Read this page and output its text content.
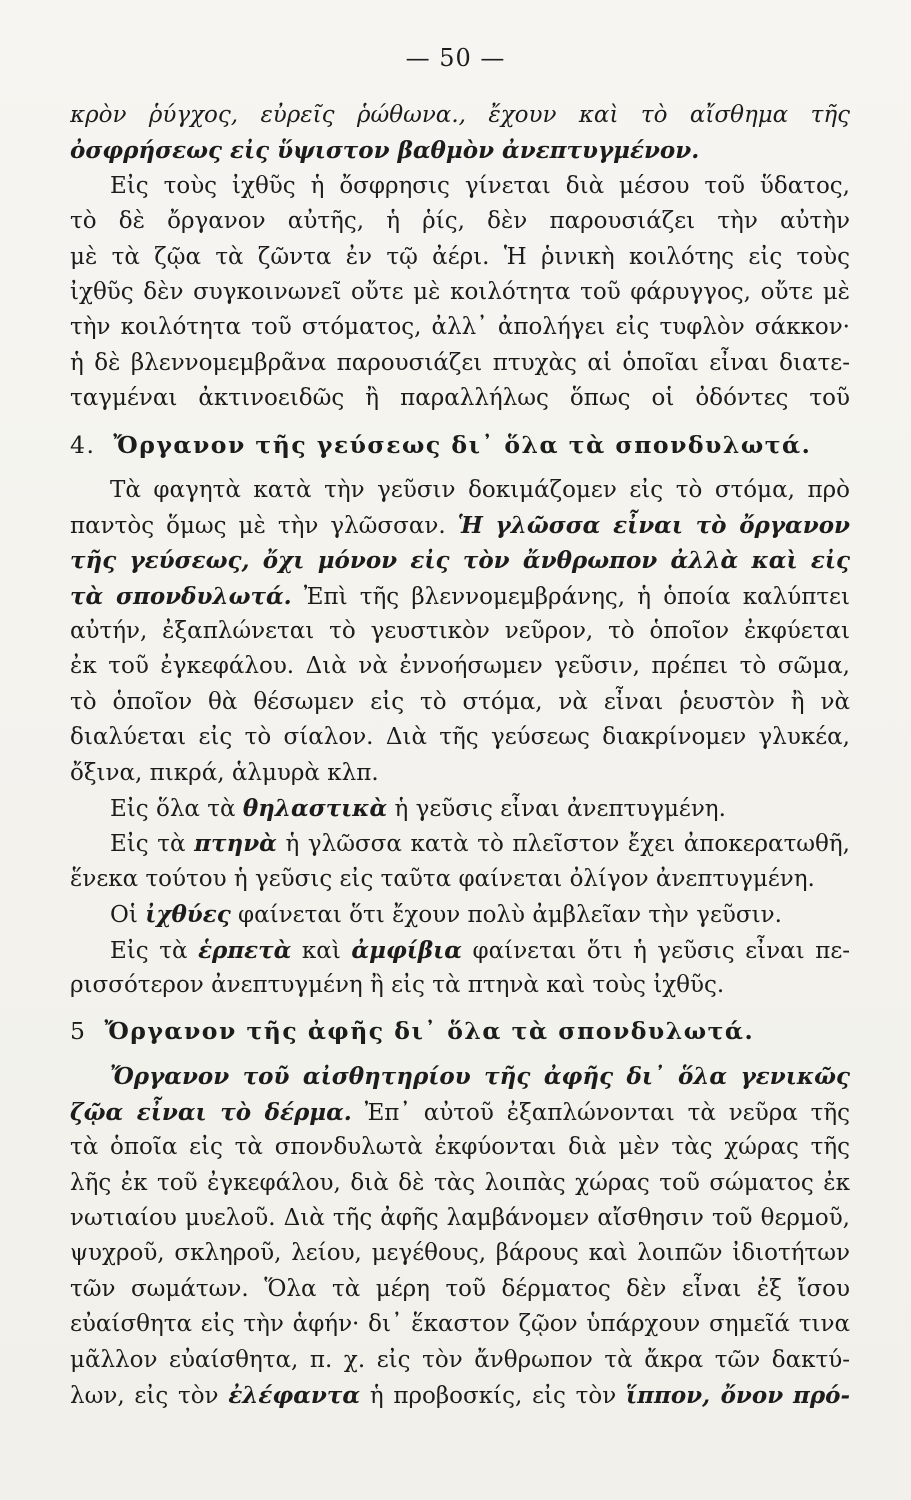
— 50 —
κρὸν ῥύγχος, εὐρεῖς ῥώθωνα., ἔχουν καὶ τὸ αἴσθημα τῆς
ὀσφρήσεως εἰς ὕψιστον βαθμὸν ἀνεπτυγμένον.
Εἰς τοὺς ἰχθῦς ἡ ὄσφρησις γίνεται διὰ μέσου τοῦ ὕδατος,
τὸ δὲ ὄργανον αὐτῆς, ἡ ῥίς, δὲν παρουσιάζει τὴν αὐτὴν
μὲ τὰ ζῷα τὰ ζῶντα ἐν τῷ ἀέρι. Ἡ ῥινικὴ κοιλότης εἰς τοὺς
ἰχθῦς δὲν συγκοινωνεῖ οὔτε μὲ κοιλότητα τοῦ φάρυγγος, οὔτε μὲ
τὴν κοιλότητα τοῦ στόματος, ἀλλ᾽ ἀπολήγει εἰς τυφλὸν σάκκον·
ἡ δὲ βλεννομεμβρᾶνα παρουσιάζει πτυχὰς αἱ ὁποῖαι εἶναι διατε-
ταγμέναι ἀκτινοειδῶς ἢ παραλλήλως ὅπως οἱ ὀδόντες τοῦ
4. Ὄργανον τῆς γεύσεως δι᾽ ὅλα τὰ σπονδυλωτά.
Τὰ φαγητὰ κατὰ τὴν γεῦσιν δοκιμάζομεν εἰς τὸ στόμα, πρὸ
παντὸς ὅμως μὲ τὴν γλῶσσαν. Ἡ γλῶσσα εἶναι τὸ ὄργανον
τῆς γεύσεως, ὄχι μόνον εἰς τὸν ἄνθρωπον ἀλλὰ καὶ εἰς
τὰ σπονδυλωτά. Ἐπὶ τῆς βλεννομεμβράνης, ἡ ὁποία καλύπτει
αὐτήν, ἐξαπλώνεται τὸ γευστικὸν νεῦρον, τὸ ὁποῖον ἐκφύεται
ἐκ τοῦ ἐγκεφάλου. Διὰ νὰ ἐννοήσωμεν γεῦσιν, πρέπει τὸ σῶμα,
τὸ ὁποῖον θὰ θέσωμεν εἰς τὸ στόμα, νὰ εἶναι ῥευστὸν ἢ νὰ
διαλύεται εἰς τὸ σίαλον. Διὰ τῆς γεύσεως διακρίνομεν γλυκέα,
ὄξινα, πικρά, ἁλμυρὰ κλπ.
Εἰς ὅλα τὰ θηλαστικὰ ἡ γεῦσις εἶναι ἀνεπτυγμένη.
Εἰς τὰ πτηνὰ ἡ γλῶσσα κατὰ τὸ πλεῖστον ἔχει ἀποκερατωθῆ,
ἕνεκα τούτου ἡ γεῦσις εἰς ταῦτα φαίνεται ὀλίγον ἀνεπτυγμένη.
Οἱ ἰχθύες φαίνεται ὅτι ἔχουν πολὺ ἀμβλεῖαν τὴν γεῦσιν.
Εἰς τὰ ἑρπετὰ καὶ ἀμφίβια φαίνεται ὅτι ἡ γεῦσις εἶναι πε-
ρισσότερον ἀνεπτυγμένη ἢ εἰς τὰ πτηνὰ καὶ τοὺς ἰχθῦς.
5 Ὄργανον τῆς ἀφῆς δι᾽ ὅλα τὰ σπονδυλωτά.
Ὄργανον τοῦ αἰσθητηρίου τῆς ἀφῆς δι᾽ ὅλα γενικῶς
ζῷα εἶναι τὸ δέρμα. Ἐπ᾽ αὐτοῦ ἐξαπλώνονται τὰ νεῦρα τῆς
τὰ ὁποῖα εἰς τὰ σπονδυλωτὰ ἐκφύονται διὰ μὲν τὰς χώρας τῆς
λῆς ἐκ τοῦ ἐγκεφάλου, διὰ δὲ τὰς λοιπὰς χώρας τοῦ σώματος ἐκ
νωτιαίου μυελοῦ. Διὰ τῆς ἀφῆς λαμβάνομεν αἴσθησιν τοῦ θερμοῦ,
ψυχροῦ, σκληροῦ, λείου, μεγέθους, βάρους καὶ λοιπῶν ἰδιοτήτων
τῶν σωμάτων. Ὅλα τὰ μέρη τοῦ δέρματος δὲν εἶναι ἐξ ἴσου
εὐαίσθητα εἰς τὴν ἁφήν· δι᾽ ἕκαστον ζῷον ὑπάρχουν σημεῖά τινα
μᾶλλον εὐαίσθητα, π. χ. εἰς τὸν ἄνθρωπον τὰ ἄκρα τῶν δακτύ-
λων, εἰς τὸν ἐλέφαντα ἡ προβοσκίς, εἰς τὸν ἵππον, ὄνον πρό-
